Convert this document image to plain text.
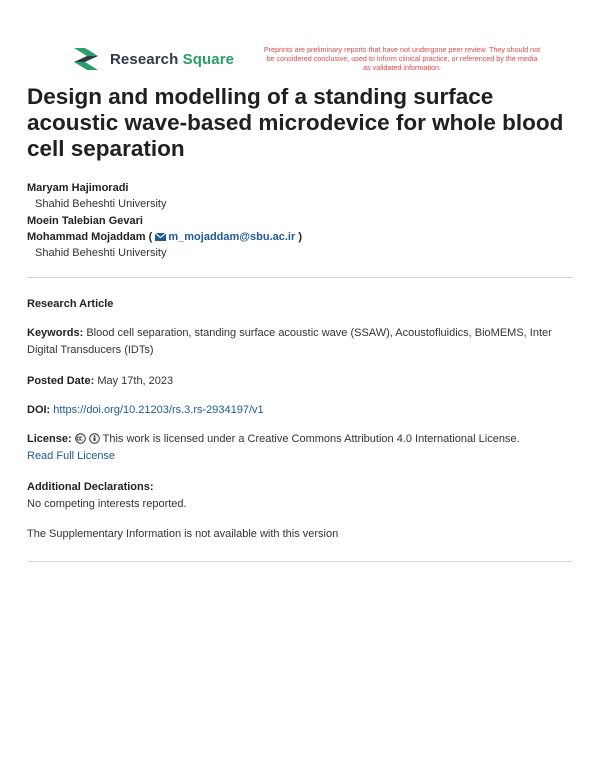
Research Square
Preprints are preliminary reports that have not undergone peer review. They should not be considered conclusive, used to inform clinical practice, or referenced by the media as validated information.
Design and modelling of a standing surface acoustic wave-based microdevice for whole blood cell separation
Maryam Hajimoradi
Shahid Beheshti University
Moein Talebian Gevari
Mohammad Mojaddam ( m_mojaddam@sbu.ac.ir )
Shahid Beheshti University
Research Article
Keywords: Blood cell separation, standing surface acoustic wave (SSAW), Acoustofluidics, BioMEMS, Inter Digital Transducers (IDTs)
Posted Date: May 17th, 2023
DOI: https://doi.org/10.21203/rs.3.rs-2934197/v1
License:	This work is licensed under a Creative Commons Attribution 4.0 International License.
Read Full License
Additional Declarations:
No competing interests reported.
The Supplementary Information is not available with this version
